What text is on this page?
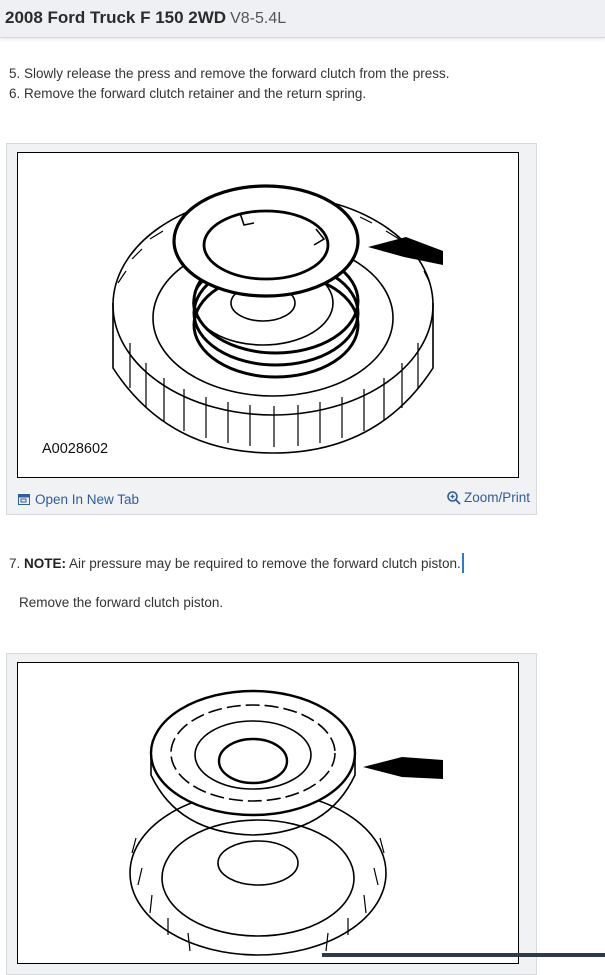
2008 Ford Truck F 150 2WD V8-5.4L
5. Slowly release the press and remove the forward clutch from the press.
6. Remove the forward clutch retainer and the return spring.
A0028602
Open In New Tab	Zoom/Print
7. NOTE: Air pressure may be required to remove the forward clutch piston.
Remove the forward clutch piston.
